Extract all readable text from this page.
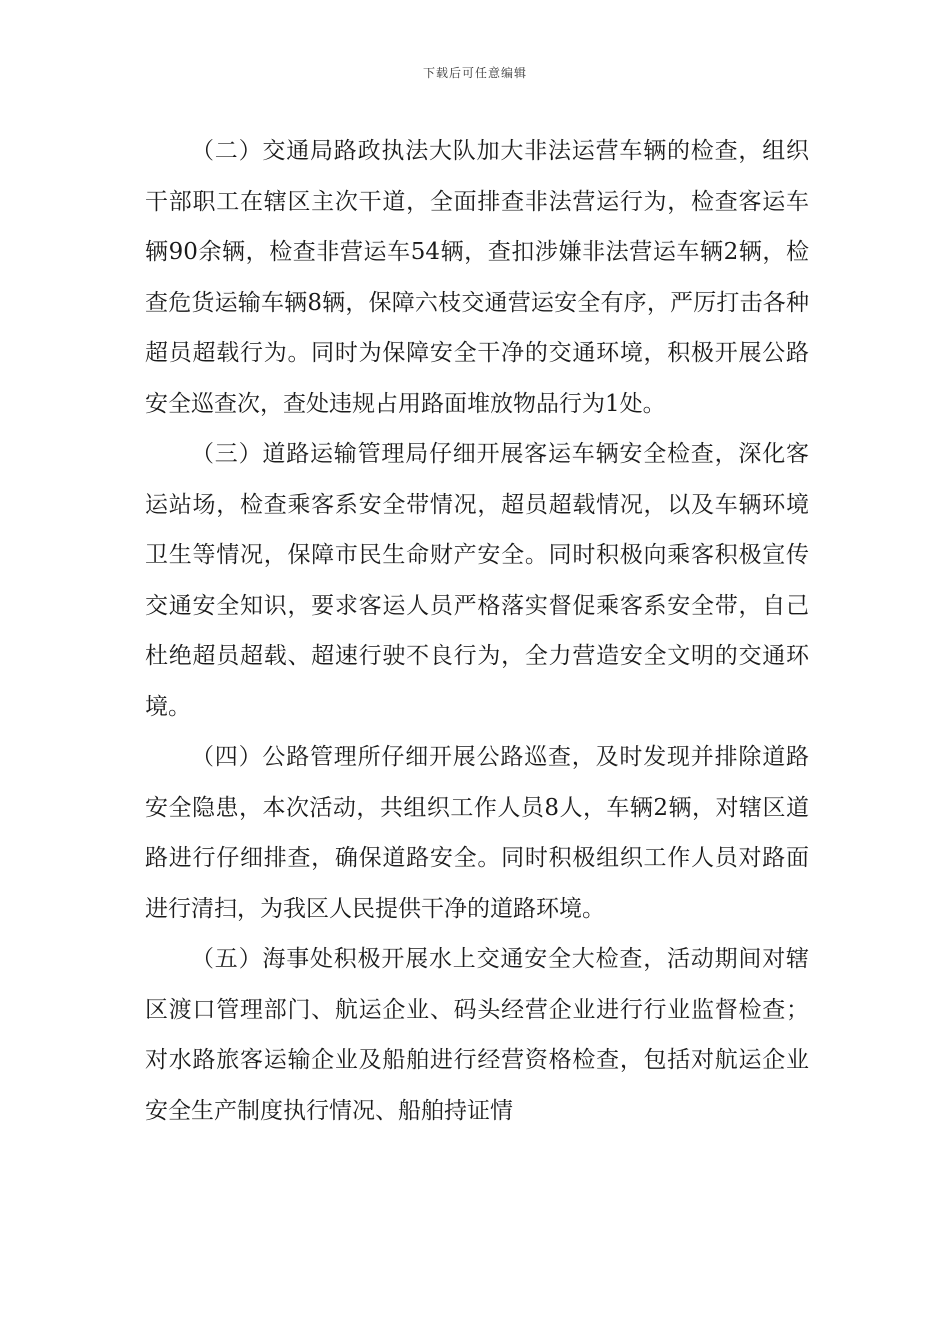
下载后可任意编辑

（二）交通局路政执法大队加大非法运营车辆的检查，组织干部职工在辖区主次干道，全面排查非法营运行为，检查客运车辆90余辆，检查非营运车54辆，查扣涉嫌非法营运车辆2辆，检查危货运输车辆8辆，保障六枝交通营运安全有序，严厉打击各种超员超载行为。同时为保障安全干净的交通环境，积极开展公路安全巡查次，查处违规占用路面堆放物品行为1处。

（三）道路运输管理局仔细开展客运车辆安全检查，深化客运站场，检查乘客系安全带情况，超员超载情况，以及车辆环境卫生等情况，保障市民生命财产安全。同时积极向乘客积极宣传交通安全知识，要求客运人员严格落实督促乘客系安全带，自己杜绝超员超载、超速行驶不良行为，全力营造安全文明的交通环境。

（四）公路管理所仔细开展公路巡查，及时发现并排除道路安全隐患，本次活动，共组织工作人员8人，车辆2辆，对辖区道路进行仔细排查，确保道路安全。同时积极组织工作人员对路面进行清扫，为我区人民提供干净的道路环境。

（五）海事处积极开展水上交通安全大检查，活动期间对辖区渡口管理部门、航运企业、码头经营企业进行行业监督检查；对水路旅客运输企业及船舶进行经营资格检查，包括对航运企业安全生产制度执行情况、船舶持证情
